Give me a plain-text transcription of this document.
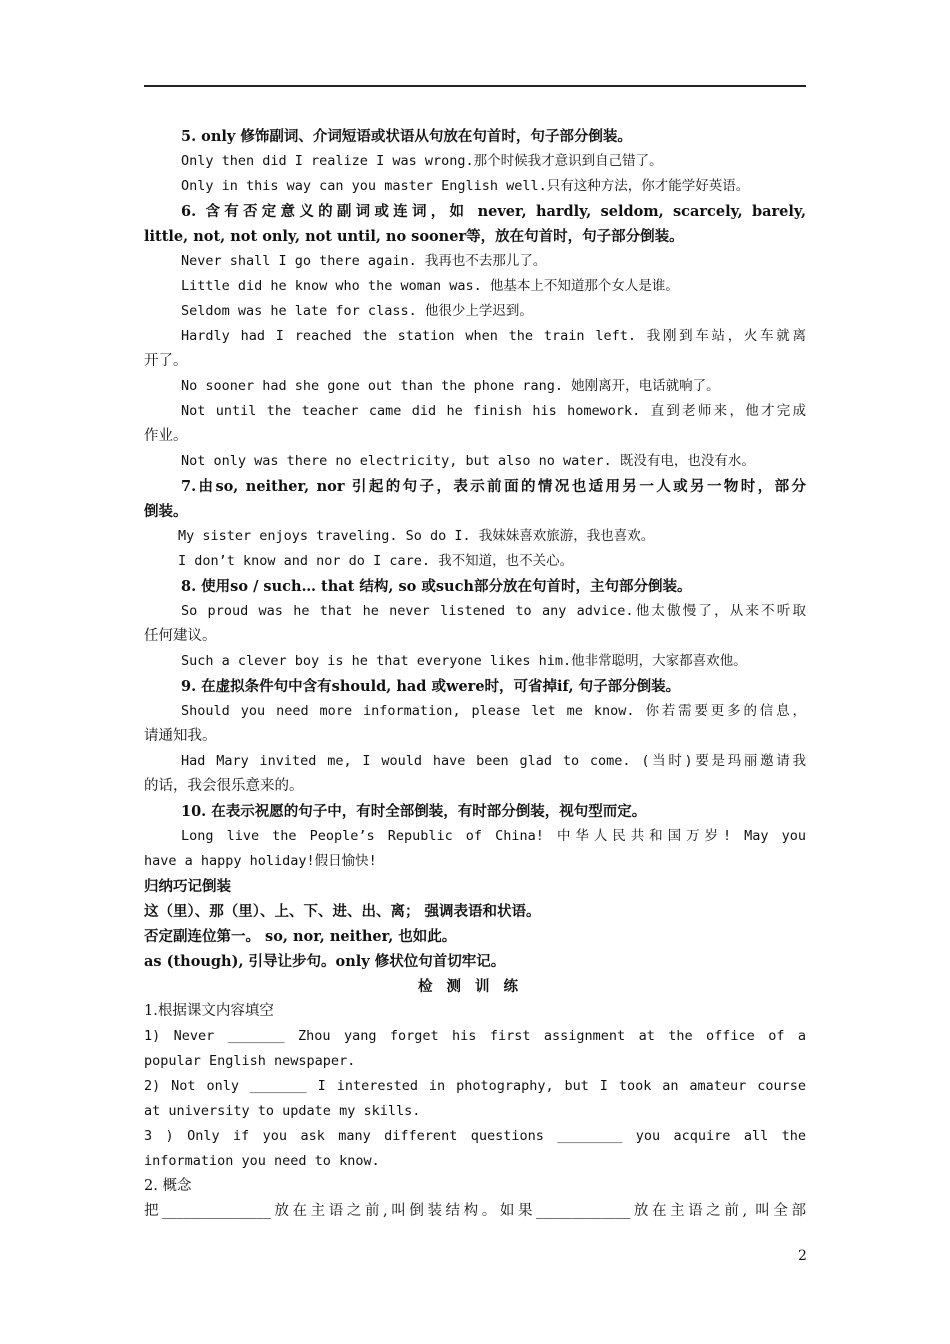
5. only 修饰副词、介词短语或状语从句放在句首时，句子部分倒装。
Only then did I realize I was wrong.那个时候我才意识到自己错了。
Only in this way can you master English well.只有这种方法，你才能学好英语。
6. 含有否定意义的副词或连词，如 never, hardly, seldom, scarcely, barely,
little, not, not only, not until, no sooner等，放在句首时，句子部分倒装。
Never shall I go there again. 我再也不去那儿了。
Little did he know who the woman was. 他基本上不知道那个女人是谁。
Seldom was he late for class. 他很少上学迟到。
Hardly had I reached the station when the train left. 我刚到车站，火车就离
开了。
No sooner had she gone out than the phone rang. 她刚离开，电话就响了。
Not until the teacher came did he finish his homework. 直到老师来，他才完成
作业。
Not only was there no electricity, but also no water. 既没有电，也没有水。
7.由so, neither, nor 引起的句子，表示前面的情况也适用另一人或另一物时，部分
倒装。
My sister enjoys traveling. So do I. 我妹妹喜欢旅游，我也喜欢。
I don’t know and nor do I care. 我不知道，也不关心。
8. 使用so / such… that 结构, so 或such部分放在句首时，主句部分倒装。
So proud was he that he never listened to any advice.他太傲慢了，从来不听取
任何建议。
Such a clever boy is he that everyone likes him.他非常聪明，大家都喜欢他。
9. 在虚拟条件句中含有should, had 或were时，可省掉if, 句子部分倒装。
Should you need more information, please let me know. 你若需要更多的信息，
请通知我。
Had Mary invited me, I would have been glad to come. (当时)要是玛丽邀请我
的话，我会很乐意来的。
10. 在表示祝愿的句子中，有时全部倒装，有时部分倒装，视句型而定。
Long live the People’s Republic of China! 中华人民共和国万岁! May you
have a happy holiday!假日愉快!
归纳巧记倒装
这（里）、那（里）、上、下、进、出、离； 强调表语和状语。
否定副连位第一。 so, nor, neither, 也如此。
as (though), 引导让步句。only 修状位句首切牢记。
检测训练
1.根据课文内容填空
1) Never _______ Zhou yang forget his first assignment at the office of a
popular English newspaper.
2) Not only _______ I interested in photography, but I took an amateur course
at university to update my skills.
3 ) Only if you ask many different questions ________ you acquire all the
information you need to know.
2. 概念
把_______________放在主语之前,叫倒装结构。如果_____________放在主语之前, 叫全部
2
